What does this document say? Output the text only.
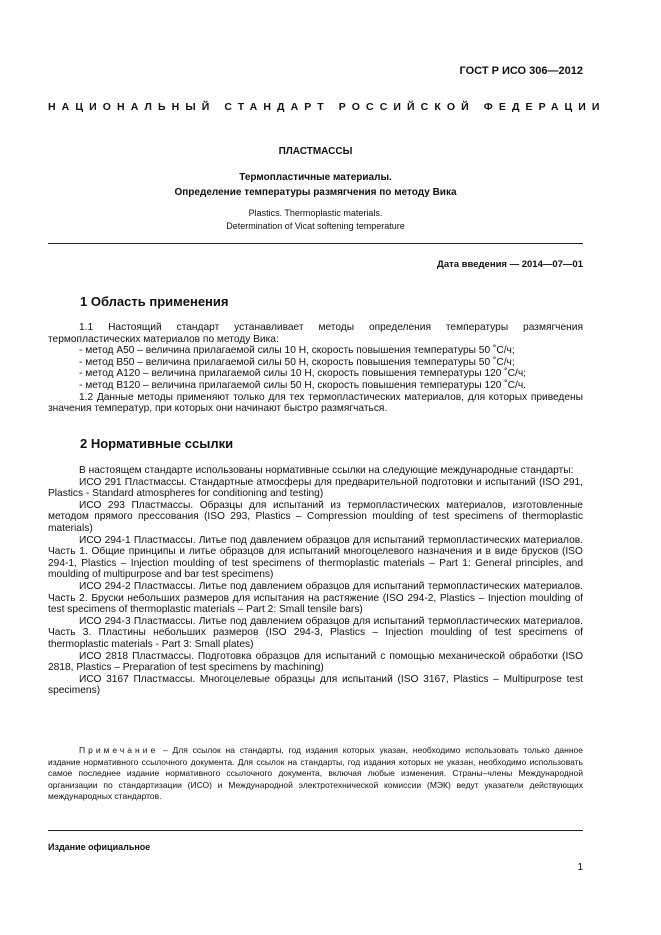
ГОСТ Р ИСО 306—2012
НАЦИОНАЛЬНЫЙ СТАНДАРТ РОССИЙСКОЙ ФЕДЕРАЦИИ
ПЛАСТМАССЫ
Термопластичные материалы.
Определение температуры размягчения по методу Вика
Plastics. Thermoplastic materials.
Determination of Vicat softening temperature
Дата введения — 2014—07—01
1 Область применения

1.1 Настоящий стандарт устанавливает методы определения температуры размягчения термопластических материалов по методу Вика:

- метод А50 – величина прилагаемой силы 10 Н, скорость повышения температуры 50 ˚С/ч;

- метод В50 – величина прилагаемой силы 50 Н, скорость повышения температуры 50 ˚С/ч;

- метод А120 – величина прилагаемой силы 10 Н, скорость повышения температуры 120 ˚С/ч;

- метод В120 – величина прилагаемой силы 50 Н, скорость повышения температуры 120 ˚С/ч.

1.2 Данные методы применяют только для тех термопластических материалов, для которых приведены значения температур, при которых они начинают быстро размягчаться.

2 Нормативные ссылки

В настоящем стандарте использованы нормативные ссылки на следующие международные стандарты:

ИСО 291 Пластмассы. Стандартные атмосферы для предварительной подготовки и испытаний (ISO 291, Plastics - Standard atmospheres for conditioning and testing)

ИСО 293 Пластмассы. Образцы для испытаний из термопластических материалов, изготовленные методом прямого прессования (ISO 293, Plastics – Compression moulding of test specimens of thermoplastic materials)

ИСО 294-1 Пластмассы. Литье под давлением образцов для испытаний термопластических материалов. Часть 1. Общие принципы и литье образцов для испытаний многоцелевого назначения и в виде брусков (ISO 294-1, Plastics – Injection moulding of test specimens of thermoplastic materials – Part 1: General principles, and moulding of multipurpose and bar test specimens)

ИСО 294-2 Пластмассы. Литье под давлением образцов для испытаний термопластических материалов. Часть 2. Бруски небольших размеров для испытания на растяжение (ISO 294-2, Plastics – Injection moulding of test specimens of thermoplastic materials – Part 2: Small tensile bars)

ИСО 294-3 Пластмассы. Литье под давлением образцов для испытаний термопластических материалов. Часть 3. Пластины небольших размеров (ISO 294-3, Plastics – Injection moulding of test specimens of thermoplastic materials - Part 3: Small plates)

ИСО 2818 Пластмассы. Подготовка образцов для испытаний с помощью механической обработки (ISO 2818, Plastics – Preparation of test specimens by machining)

ИСО 3167 Пластмассы. Многоцелевые образцы для испытаний (ISO 3167, Plastics – Multipurpose test specimens)

Примечание – Для ссылок на стандарты, год издания которых указан, необходимо использовать только данное издание нормативного ссылочного документа. Для ссылок на стандарты, год издания которых не указан, необходимо использовать самое последнее издание нормативного ссылочного документа, включая любые изменения. Страны–члены Международной организации по стандартизации (ИСО) и Международной электротехнической комиссии (МЭК) ведут указатели действующих международных стандартов.

Издание официальное
1
